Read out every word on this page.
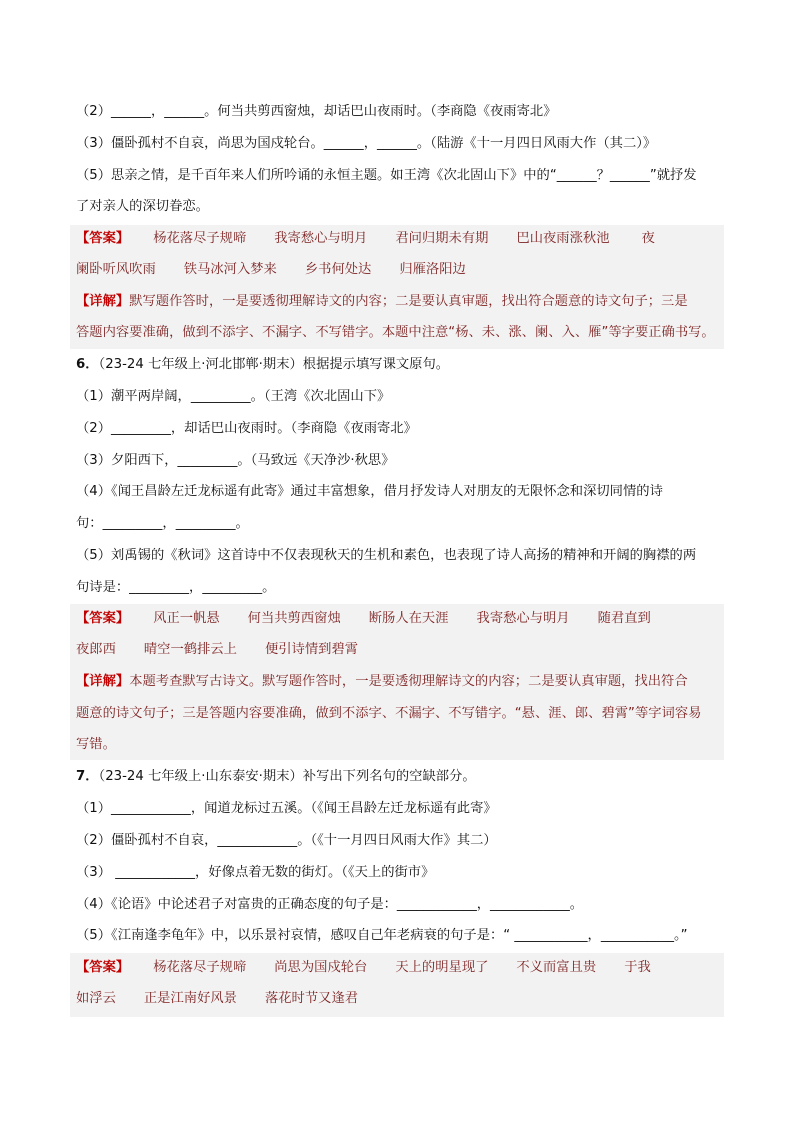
（2）______，______。何当共剪西窗烛，却话巴山夜雨时。（李商隐《夜雨寄北》
（3）僵卧孤村不自哀，尚思为国戍轮台。______，______。（陆游《十一月四日风雨大作（其二）》
（5）思亲之情，是千百年来人们所吟诵的永恒主题。如王湾《次北固山下》中的“______？______”就抒发
了对亲人的深切眷恋。
【答案】 杨花落尽子规啼 我寄愁心与明月 君问归期未有期 巴山夜雨涨秋池 夜
阑卧听风吹雨 铁马冰河入梦来 乡书何处达 归雁洛阳边
【详解】默写题作答时，一是要透彻理解诗文的内容；二是要认真审题，找出符合题意的诗文句子；三是
答题内容要准确，做到不添字、不漏字、不写错字。本题中注意“杨、未、涨、阑、入、雁”等字要正确书写。
6．（23-24 七年级上·河北邯郸·期末）根据提示填写课文原句。
（1）潮平两岸阔，_________。（王湾《次北固山下》
（2）_________，却话巴山夜雨时。（李商隐《夜雨寄北》
（3）夕阳西下，_________。（马致远《天净沙·秋思》
（4）《闻王昌龄左迁龙标遥有此寄》通过丰富想象，借月抒发诗人对朋友的无限怀念和深切同情的诗
句：_________，_________。
（5）刘禹锡的《秋词》这首诗中不仅表现秋天的生机和素色，也表现了诗人高扬的精神和开阔的胸襟的两
句诗是：_________，_________。
【答案】 风正一帆悬 何当共剪西窗烛 断肠人在天涯 我寄愁心与明月 随君直到
夜郎西 晴空一鹤排云上 便引诗情到碧霄
【详解】本题考查默写古诗文。默写题作答时，一是要透彻理解诗文的内容；二是要认真审题，找出符合
题意的诗文句子；三是答题内容要准确，做到不添字、不漏字、不写错字。“悬、涯、郎、碧霄”等字词容易
写错。
7．（23-24 七年级上·山东泰安·期末）补写出下列名句的空缺部分。
（1）____________，闻道龙标过五溪。（《闻王昌龄左迁龙标遥有此寄》
（2）僵卧孤村不自哀，____________。（《十一月四日风雨大作》其二）
（3） ____________，好像点着无数的街灯。（《天上的街市》
（4）《论语》中论述君子对富贵的正确态度的句子是：____________，____________。
（5）《江南逢李龟年》中，以乐景衬哀情，感叹自己年老病衰的句子是：“ ___________，___________。”
【答案】 杨花落尽子规啼 尚思为国戍轮台 天上的明星现了 不义而富且贵 于我
如浮云 正是江南好风景 落花时节又逢君
